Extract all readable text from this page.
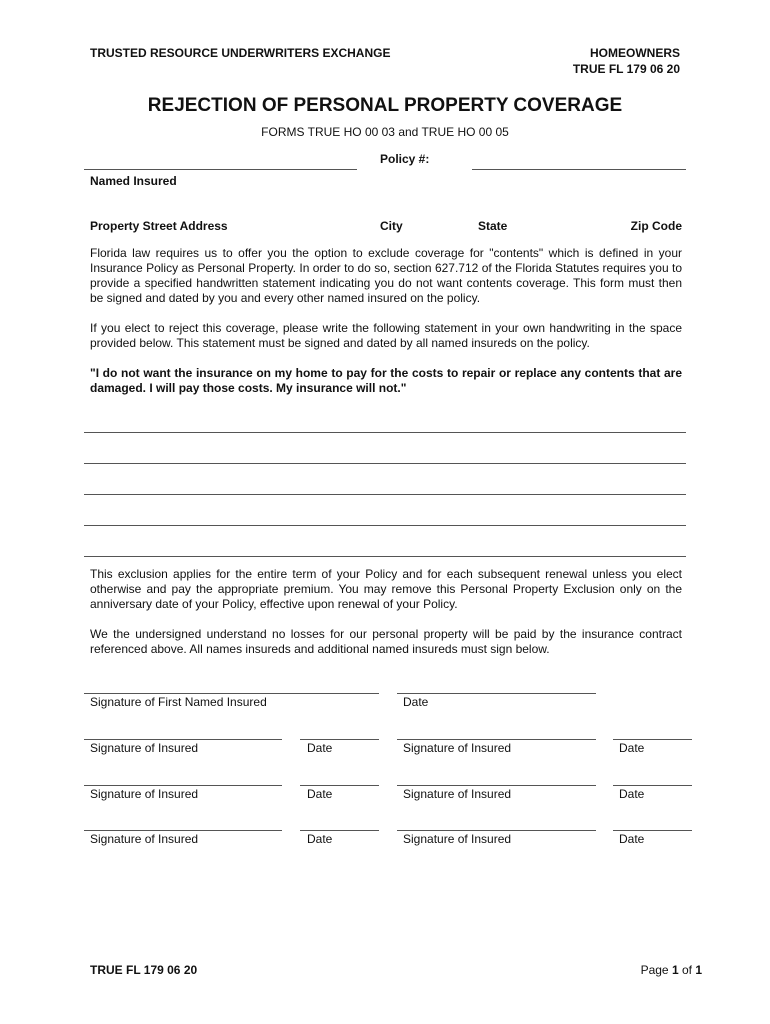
TRUSTED RESOURCE UNDERWRITERS EXCHANGE	HOMEOWNERS
TRUE FL 179 06 20
REJECTION OF PERSONAL PROPERTY COVERAGE
FORMS TRUE HO 00 03 and TRUE HO 00 05
Policy #:
Named Insured
Property Street Address	City	State	Zip Code
Florida law requires us to offer you the option to exclude coverage for "contents" which is defined in your Insurance Policy as Personal Property. In order to do so, section 627.712 of the Florida Statutes requires you to provide a specified handwritten statement indicating you do not want contents coverage. This form must then be signed and dated by you and every other named insured on the policy.
If you elect to reject this coverage, please write the following statement in your own handwriting in the space provided below. This statement must be signed and dated by all named insureds on the policy.
"I do not want the insurance on my home to pay for the costs to repair or replace any contents that are damaged. I will pay those costs. My insurance will not."
This exclusion applies for the entire term of your Policy and for each subsequent renewal unless you elect otherwise and pay the appropriate premium. You may remove this Personal Property Exclusion only on the anniversary date of your Policy, effective upon renewal of your Policy.
We the undersigned understand no losses for our personal property will be paid by the insurance contract referenced above. All names insureds and additional named insureds must sign below.
Signature of First Named Insured	Date
Signature of Insured	Date	Signature of Insured	Date
Signature of Insured	Date	Signature of Insured	Date
Signature of Insured	Date	Signature of Insured	Date
TRUE FL 179 06 20	Page 1 of 1
